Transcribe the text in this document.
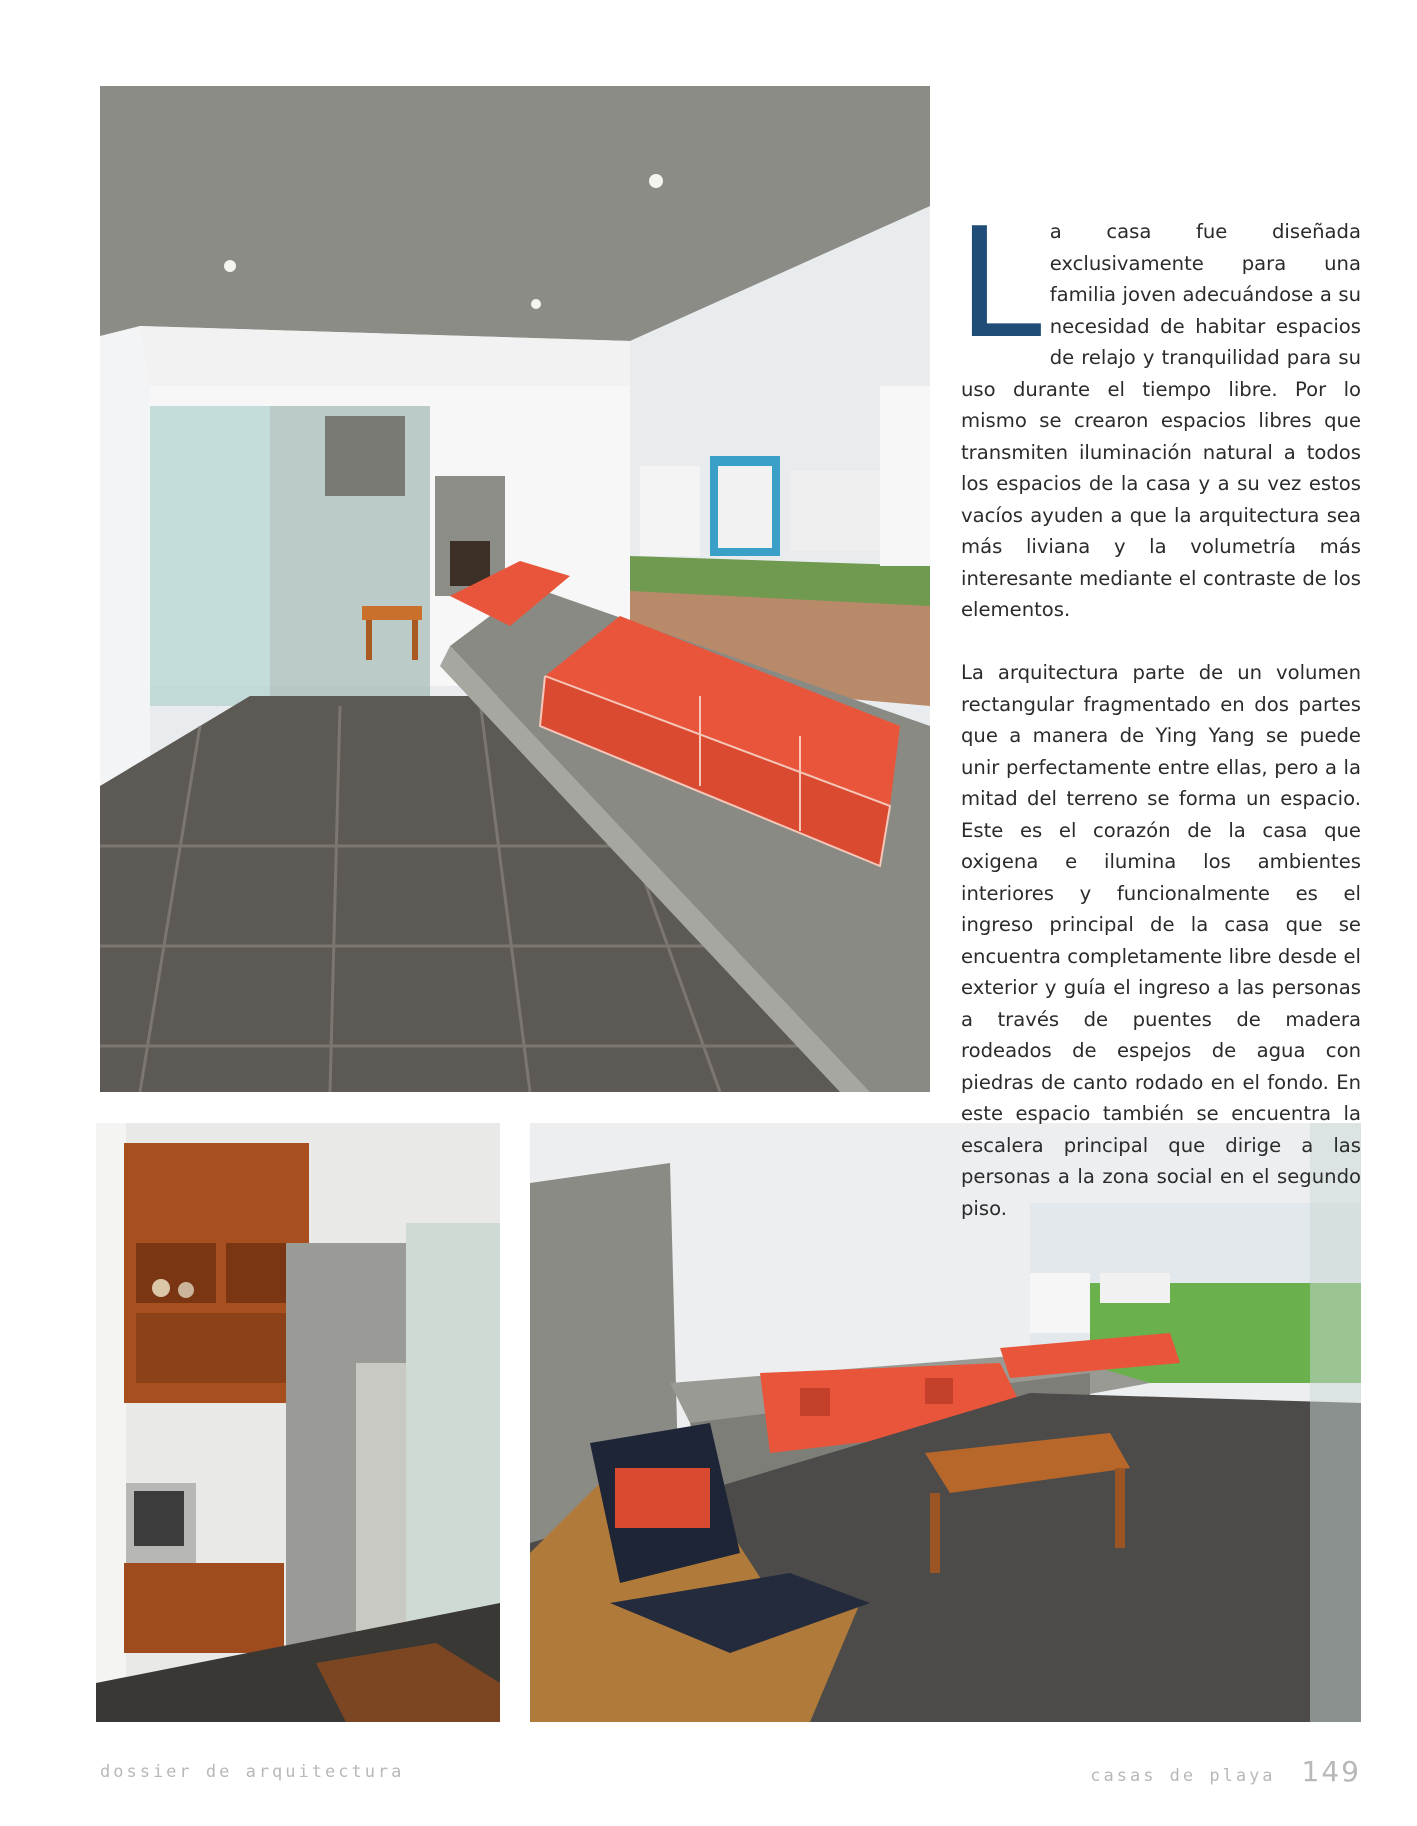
La casa fue diseñada exclusivamente para una familia joven adecuándose a su necesidad de habitar espacios de relajo y tranquilidad para su uso durante el tiempo libre. Por lo mismo se crearon espacios libres que transmiten iluminación natural a todos los espacios de la casa y a su vez estos vacíos ayuden a que la arquitectura sea más liviana y la volumetría más interesante mediante el contraste de los elementos.

La arquitectura parte de un volumen rectangular fragmentado en dos partes que a manera de Ying Yang se puede unir perfectamente entre ellas, pero a la mitad del terreno se forma un espacio. Este es el corazón de la casa que oxigena e ilumina los ambientes interiores y funcionalmente es el ingreso principal de la casa que se encuentra completamente libre desde el exterior y guía el ingreso a las personas a través de puentes de madera rodeados de espejos de agua con piedras de canto rodado en el fondo. En este espacio también se encuentra la escalera principal que dirige a las personas a la zona social en el segundo piso.

dossier de arquitectura	casas de playa 149
